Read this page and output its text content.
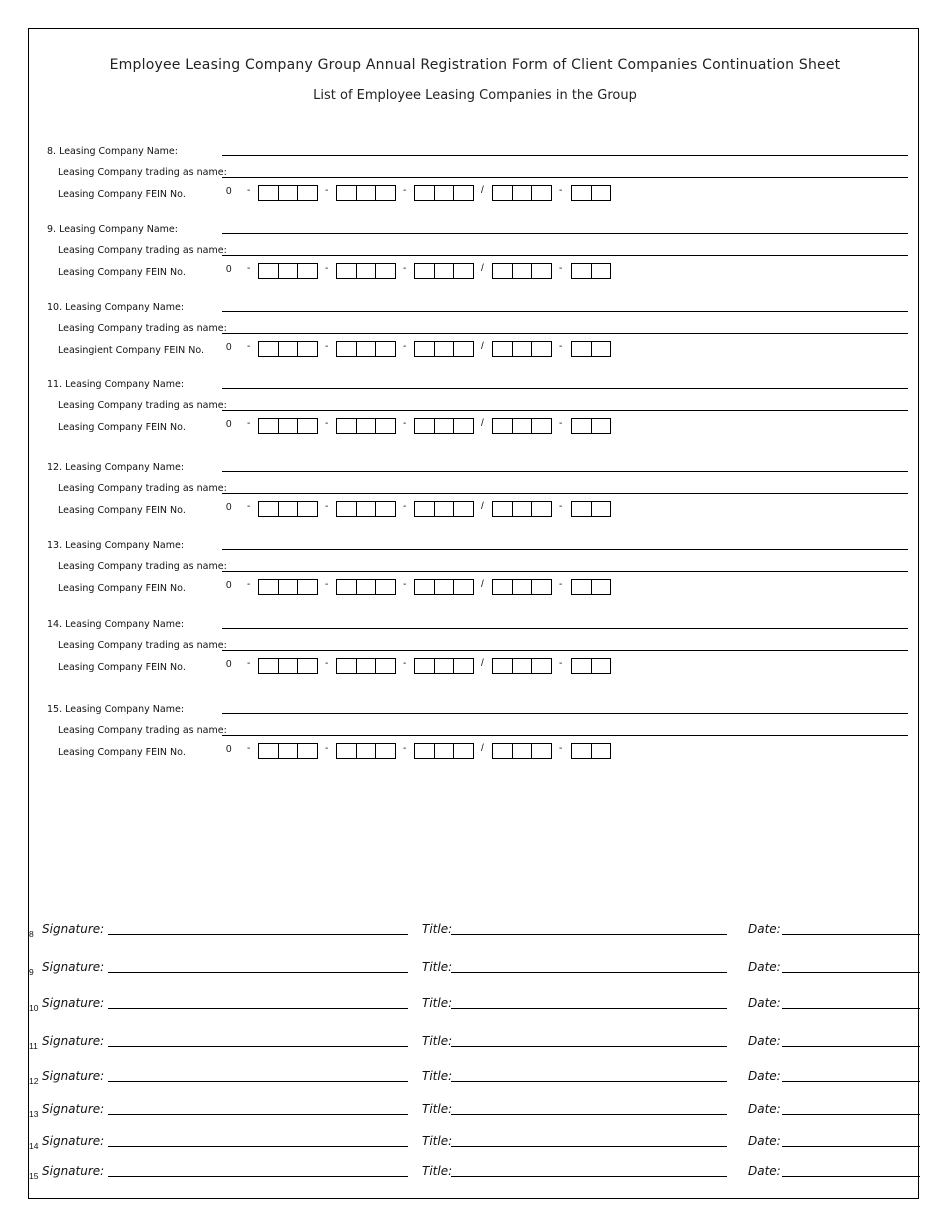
Employee Leasing Company Group Annual Registration Form of Client Companies Continuation Sheet
List of Employee Leasing Companies in the Group
8. Leasing Company Name:
Leasing Company trading as name:
Leasing Company FEIN No.	0 -	-	-	/	-
9. Leasing Company Name:
Leasing Company trading as name:
Leasing Company FEIN No.	0 -	-	-	/	-
10. Leasing Company Name:
Leasing Company trading as name:
Leasingient Company FEIN No. 0 -	-	-	/	-
11. Leasing Company Name:
Leasing Company trading as name:
Leasing Company FEIN No.	0 -	-	-	/	-
12. Leasing Company Name:
Leasing Company trading as name:
Leasing Company FEIN No.	0 -	-	-	/	-
13. Leasing Company Name:
Leasing Company trading as name:
Leasing Company FEIN No.	0 -	-	-	/	-
14. Leasing Company Name:
Leasing Company trading as name:
Leasing Company FEIN No.	0 -	-	-	/	-
15. Leasing Company Name:
Leasing Company trading as name:
Leasing Company FEIN No.	0 -	-	-	/	-
8 Signature:	Title:	Date:
9 Signature:	Title:	Date:
10 Signature:	Title:	Date:
11 Signature:	Title:	Date:
12 Signature:	Title:	Date:
13 Signature:	Title:	Date:
14 Signature:	Title:	Date:
15 Signature:	Title:	Date:
